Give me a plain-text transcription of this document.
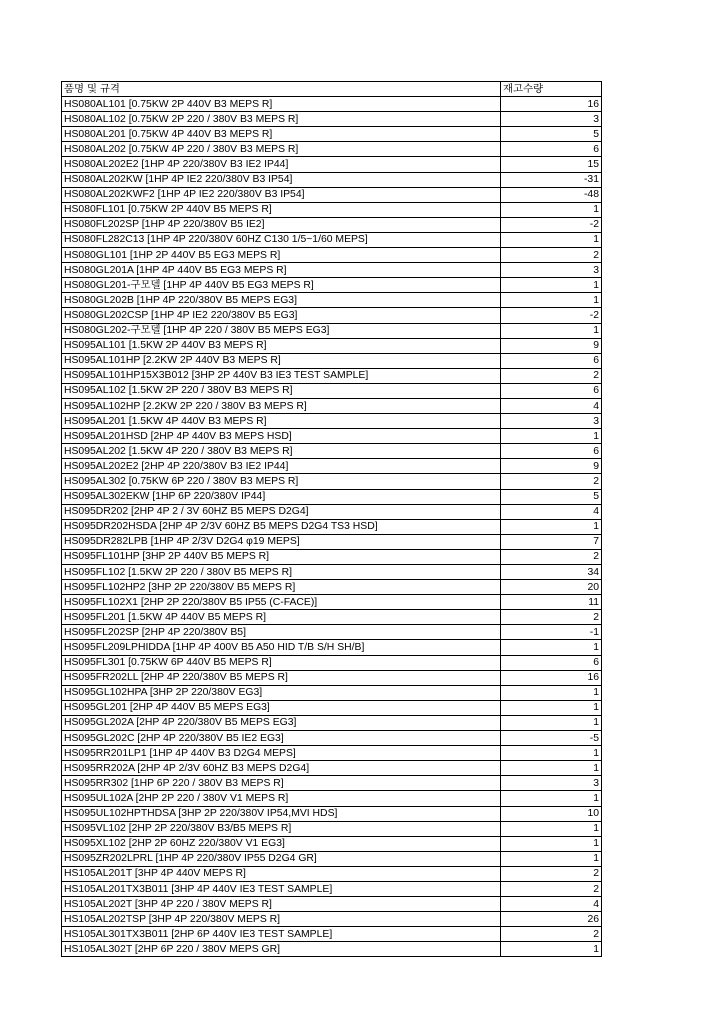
품명 및 규격	재고수량
HS080AL101 [0.75KW 2P 440V B3 MEPS R]	16
HS080AL102 [0.75KW 2P 220 / 380V B3 MEPS R]	3
HS080AL201 [0.75KW 4P 440V B3 MEPS R]	5
HS080AL202 [0.75KW 4P 220 / 380V B3 MEPS R]	6
HS080AL202E2 [1HP 4P 220/380V B3 IE2 IP44]	15
HS080AL202KW [1HP 4P IE2 220/380V B3 IP54]	-31
HS080AL202KWF2 [1HP 4P IE2 220/380V B3 IP54]	-48
HS080FL101 [0.75KW 2P 440V B5 MEPS R]	1
HS080FL202SP [1HP 4P 220/380V B5 IE2]	-2
HS080FL282C13 [1HP 4P 220/380V 60HZ C130 1/5~1/60 MEPS]	1
HS080GL101 [1HP 2P 440V B5 EG3 MEPS R]	2
HS080GL201A [1HP 4P 440V B5 EG3 MEPS R]	3
HS080GL201-구모델 [1HP 4P 440V B5 EG3 MEPS R]	1
HS080GL202B [1HP 4P 220/380V B5 MEPS EG3]	1
HS080GL202CSP [1HP 4P IE2 220/380V B5 EG3]	-2
HS080GL202-구모델 [1HP 4P 220 / 380V B5 MEPS EG3]	1
HS095AL101 [1.5KW 2P 440V B3 MEPS R]	9
HS095AL101HP [2.2KW 2P 440V B3 MEPS R]	6
HS095AL101HP15X3B012 [3HP 2P 440V B3 IE3 TEST SAMPLE]	2
HS095AL102 [1.5KW 2P 220 / 380V B3 MEPS R]	6
HS095AL102HP [2.2KW 2P 220 / 380V B3 MEPS R]	4
HS095AL201 [1.5KW 4P 440V B3 MEPS R]	3
HS095AL201HSD [2HP 4P 440V B3 MEPS HSD]	1
HS095AL202 [1.5KW 4P 220 / 380V B3 MEPS R]	6
HS095AL202E2 [2HP 4P 220/380V B3 IE2 IP44]	9
HS095AL302 [0.75KW 6P 220 / 380V B3 MEPS R]	2
HS095AL302EKW [1HP 6P 220/380V IP44]	5
HS095DR202 [2HP 4P 2 / 3V 60HZ B5 MEPS D2G4]	4
HS095DR202HSDA [2HP 4P 2/3V 60HZ B5 MEPS D2G4 TS3 HSD]	1
HS095DR282LPB [1HP 4P 2/3V D2G4 φ19 MEPS]	7
HS095FL101HP [3HP 2P 440V B5 MEPS R]	2
HS095FL102 [1.5KW 2P 220 / 380V B5 MEPS R]	34
HS095FL102HP2 [3HP 2P 220/380V B5 MEPS R]	20
HS095FL102X1 [2HP 2P 220/380V B5 IP55 (C-FACE)]	11
HS095FL201 [1.5KW 4P 440V B5 MEPS R]	2
HS095FL202SP [2HP 4P 220/380V B5]	-1
HS095FL209LPHIDDA [1HP 4P 400V B5 A50 HID T/B S/H SH/B]	1
HS095FL301 [0.75KW 6P 440V B5 MEPS R]	6
HS095FR202LL [2HP 4P 220/380V B5 MEPS R]	16
HS095GL102HPA [3HP 2P 220/380V EG3]	1
HS095GL201 [2HP 4P 440V B5 MEPS EG3]	1
HS095GL202A [2HP 4P 220/380V B5 MEPS EG3]	1
HS095GL202C [2HP 4P 220/380V B5 IE2 EG3]	-5
HS095RR201LP1 [1HP 4P 440V B3 D2G4 MEPS]	1
HS095RR202A [2HP 4P 2/3V 60HZ B3 MEPS D2G4]	1
HS095RR302 [1HP 6P 220 / 380V B3 MEPS R]	3
HS095UL102A [2HP 2P 220 / 380V V1 MEPS R]	1
HS095UL102HPTHDSA [3HP 2P 220/380V IP54,MVI HDS]	10
HS095VL102 [2HP 2P 220/380V B3/B5 MEPS R]	1
HS095XL102 [2HP 2P 60HZ 220/380V V1 EG3]	1
HS095ZR202LPRL [1HP 4P 220/380V IP55 D2G4 GR]	1
HS105AL201T [3HP 4P 440V MEPS R]	2
HS105AL201TX3B011 [3HP 4P 440V IE3 TEST SAMPLE]	2
HS105AL202T [3HP 4P 220 / 380V MEPS R]	4
HS105AL202TSP [3HP 4P 220/380V MEPS R]	26
HS105AL301TX3B011 [2HP 6P 440V IE3 TEST SAMPLE]	2
HS105AL302T [2HP 6P 220 / 380V MEPS GR]	1
